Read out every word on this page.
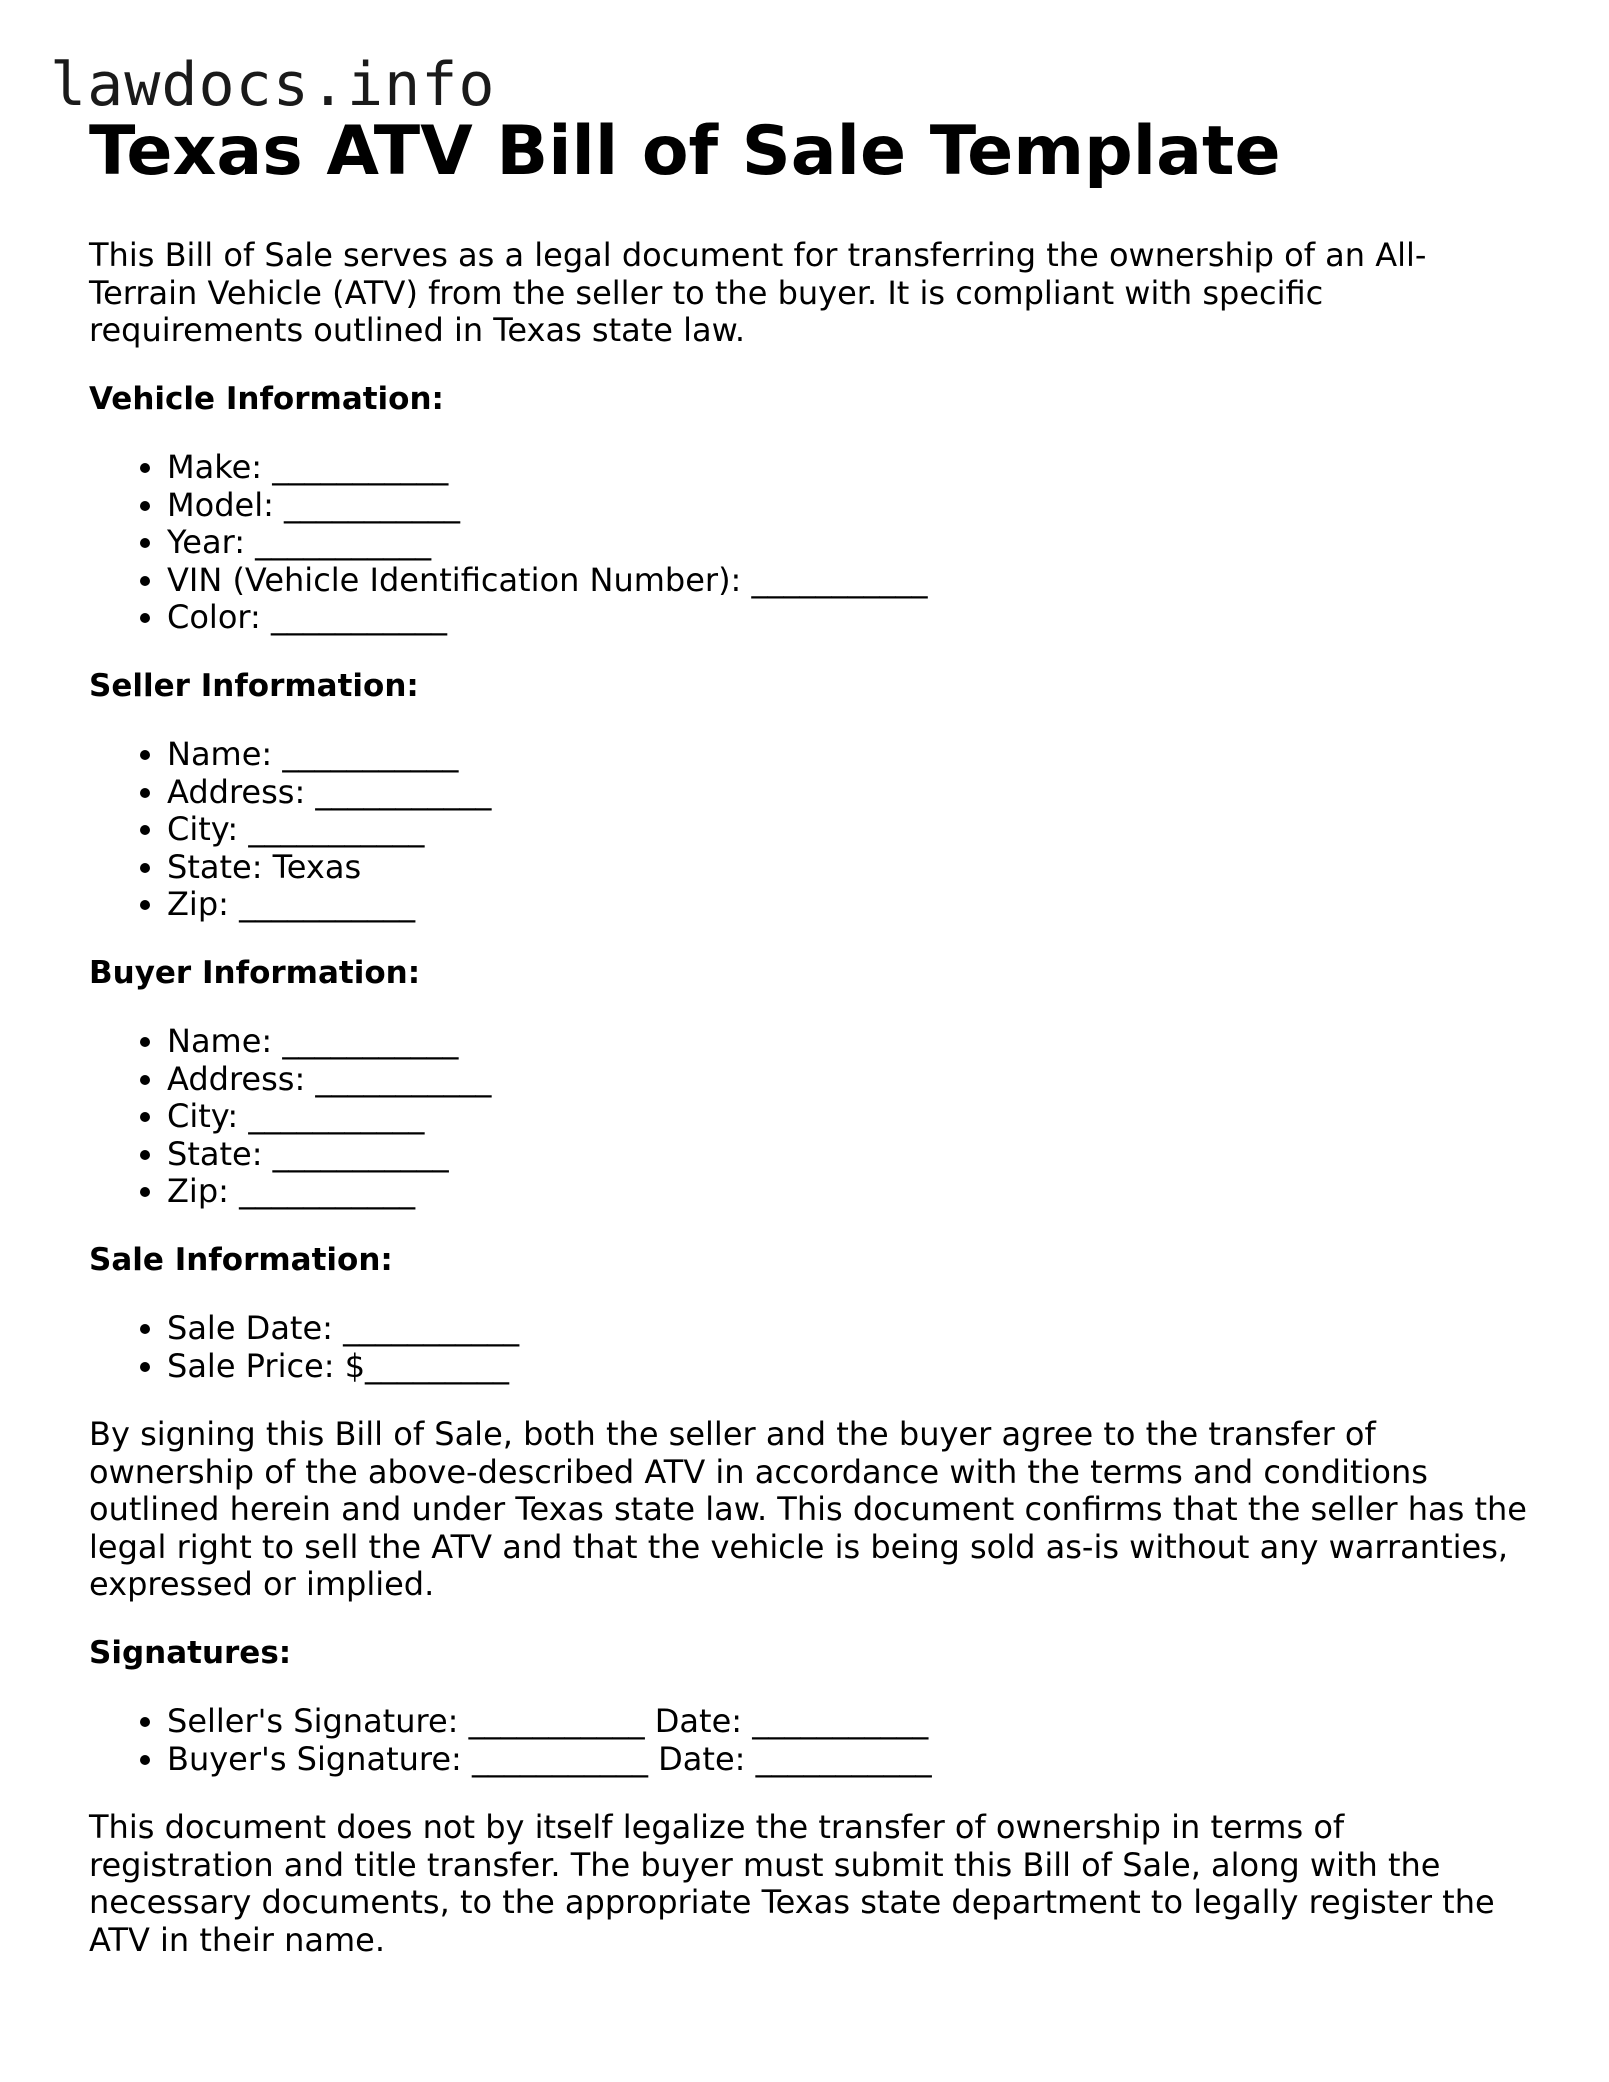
lawdocs.info
Texas ATV Bill of Sale Template

This Bill of Sale serves as a legal document for transferring the ownership of an All-Terrain Vehicle (ATV) from the seller to the buyer. It is compliant with specific requirements outlined in Texas state law.

Vehicle Information:
• Make: ___________
• Model: ___________
• Year: ___________
• VIN (Vehicle Identification Number): ___________
• Color: ___________
Seller Information:
• Name: ___________
• Address: ___________
• City: ___________
• State: Texas
• Zip: ___________
Buyer Information:
• Name: ___________
• Address: ___________
• City: ___________
• State: ___________
• Zip: ___________
Sale Information:
• Sale Date: ___________
• Sale Price: $_________

By signing this Bill of Sale, both the seller and the buyer agree to the transfer of ownership of the above-described ATV in accordance with the terms and conditions outlined herein and under Texas state law. This document confirms that the seller has the legal right to sell the ATV and that the vehicle is being sold as-is without any warranties, expressed or implied.

Signatures:
• Seller's Signature: ___________ Date: ___________
• Buyer's Signature: ___________ Date: ___________

This document does not by itself legalize the transfer of ownership in terms of registration and title transfer. The buyer must submit this Bill of Sale, along with the necessary documents, to the appropriate Texas state department to legally register the ATV in their name.
